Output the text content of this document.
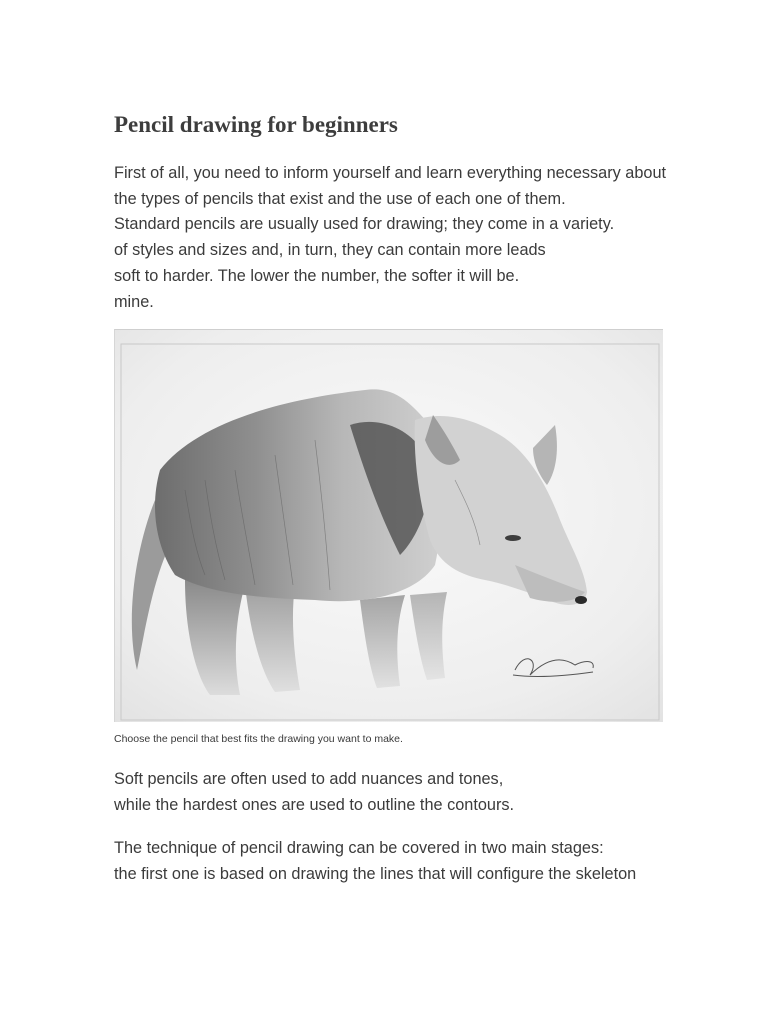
Pencil drawing for beginners
First of all, you need to inform yourself and learn everything necessary about
the types of pencils that exist and the use of each one of them.
Standard pencils are usually used for drawing; they come in a variety.
of styles and sizes and, in turn, they can contain more leads
soft to harder. The lower the number, the softer it will be.
mine.

Choose the pencil that best fits the drawing you want to make.

Soft pencils are often used to add nuances and tones,
while the hardest ones are used to outline the contours.
The technique of pencil drawing can be covered in two main stages:
the first one is based on drawing the lines that will configure the skeleton
